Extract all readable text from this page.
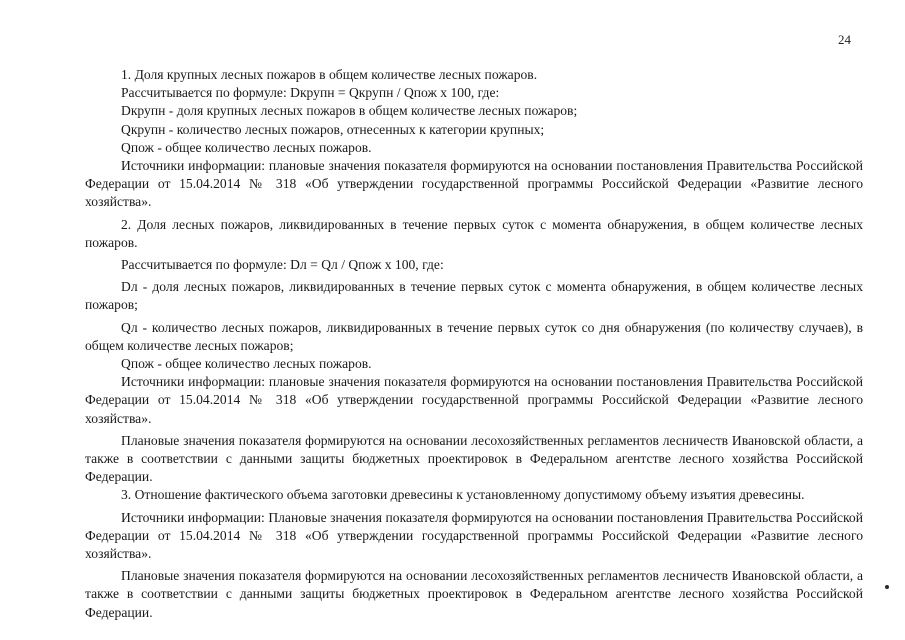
24

1. Доля крупных лесных пожаров в общем количестве лесных пожаров.

Рассчитывается по формуле: Dкрупн = Qкрупн / Qпож x 100, где:

Dкрупн - доля крупных лесных пожаров в общем количестве лесных пожаров;

Qкрупн - количество лесных пожаров, отнесенных к категории крупных;

Qпож - общее количество лесных пожаров.

Источники информации: плановые значения показателя формируются на основании постановления Правительства Российской Федерации от 15.04.2014 № 318 «Об утверждении государственной программы Российской Федерации «Развитие лесного хозяйства».

2. Доля лесных пожаров, ликвидированных в течение первых суток с момента обнаружения, в общем количестве лесных пожаров.

Рассчитывается по формуле: Dл = Qл / Qпож x 100, где:

Dл - доля лесных пожаров, ликвидированных в течение первых суток с момента обнаружения, в общем количестве лесных пожаров;

Qл - количество лесных пожаров, ликвидированных в течение первых суток со дня обнаружения (по количеству случаев), в общем количестве лесных пожаров;

Qпож - общее количество лесных пожаров.

Источники информации: плановые значения показателя формируются на основании постановления Правительства Российской Федерации от 15.04.2014 № 318 «Об утверждении государственной программы Российской Федерации «Развитие лесного хозяйства».

Плановые значения показателя формируются на основании лесохозяйственных регламентов лесничеств Ивановской области, а также в соответствии с данными защиты бюджетных проектировок в Федеральном агентстве лесного хозяйства Российской Федерации.

3. Отношение фактического объема заготовки древесины к установленному допустимому объему изъятия древесины.

Источники информации: Плановые значения показателя формируются на основании постановления Правительства Российской Федерации от 15.04.2014 № 318 «Об утверждении государственной программы Российской Федерации «Развитие лесного хозяйства».

Плановые значения показателя формируются на основании лесохозяйственных регламентов лесничеств Ивановской области, а также в соответствии с данными защиты бюджетных проектировок в Федеральном агентстве лесного хозяйства Российской Федерации.
